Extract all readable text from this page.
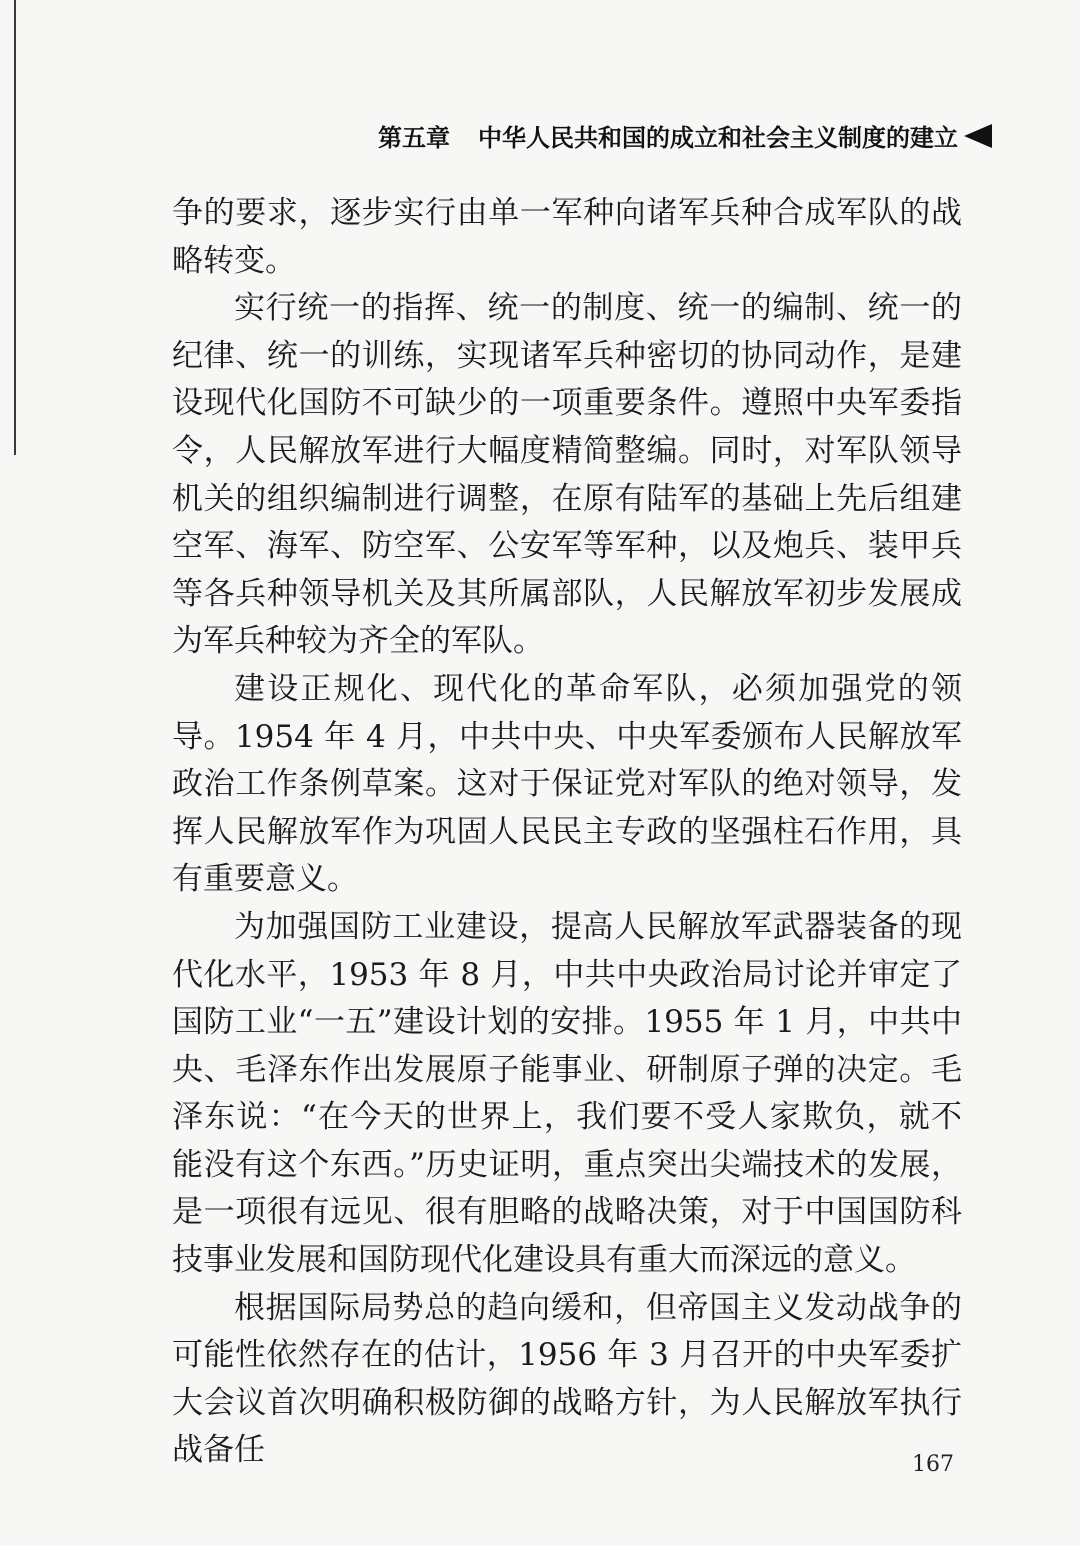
第五章 中华人民共和国的成立和社会主义制度的建立

争的要求，逐步实行由单一军种向诸军兵种合成军队的战略转变。

实行统一的指挥、统一的制度、统一的编制、统一的纪律、统一的训练，实现诸军兵种密切的协同动作，是建设现代化国防不可缺少的一项重要条件。遵照中央军委指令，人民解放军进行大幅度精简整编。同时，对军队领导机关的组织编制进行调整，在原有陆军的基础上先后组建空军、海军、防空军、公安军等军种，以及炮兵、装甲兵等各兵种领导机关及其所属部队，人民解放军初步发展成为军兵种较为齐全的军队。

建设正规化、现代化的革命军队，必须加强党的领导。1954 年 4 月，中共中央、中央军委颁布人民解放军政治工作条例草案。这对于保证党对军队的绝对领导，发挥人民解放军作为巩固人民民主专政的坚强柱石作用，具有重要意义。

为加强国防工业建设，提高人民解放军武器装备的现代化水平，1953 年 8 月，中共中央政治局讨论并审定了国防工业“一五”建设计划的安排。1955 年 1 月，中共中央、毛泽东作出发展原子能事业、研制原子弹的决定。毛泽东说：“在今天的世界上，我们要不受人家欺负，就不能没有这个东西。”历史证明，重点突出尖端技术的发展，是一项很有远见、很有胆略的战略决策，对于中国国防科技事业发展和国防现代化建设具有重大而深远的意义。

根据国际局势总的趋向缓和，但帝国主义发动战争的可能性依然存在的估计，1956 年 3 月召开的中央军委扩大会议首次明确积极防御的战略方针，为人民解放军执行战备任	167
